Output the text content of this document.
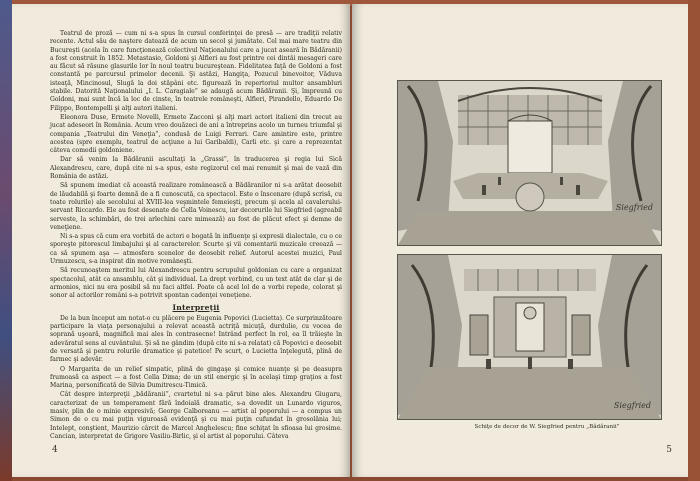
Teatrul de proză — cum ni s-a spus în cursul conferinţei de presă — are tradiţii relativ recente. Actul său de naştere datează de acum un secol şi jumătate. Cel mai mare teatru din Bucureşti (acela în care funcţionează colectivul Naţionalului care a jucat aseară în Bădăranii) a fost construit în 1852. Metastasio, Goldoni şi Alfieri au fost printre cei dintâi mesageri care au făcut să răsune glasurile lor în noul teatru bucureştean. Fidelitatea faţă de Goldoni a fost constantă pe parcursul primelor decenii. Şi astăzi, Hangiţa, Pozucul binevoitor, Văduva isteaţă, Mincinosul, Slugă la doi stăpâni etc. figurează în repertoriul multor ansambluri stabile. Datorită Naţionalului „I. L. Caragiale” se adaugă acum Bădăranii. Şi, împreună cu Goldoni, mai sunt încă la loc de cinste, în teatrele româneşti, Alfieri, Pirandello, Eduardo De Filippo, Bontempelli şi alţi autori italieni.

Eleonora Duse, Ermete Novelli, Ermete Zacconi şi alţi mari actori italieni din trecut au jucat adeseori în România. Acum vreo douăzeci de ani a întreprins acolo un turneu triumfal şi compania „Teatrului din Veneţia”, condusă de Luigi Ferrari. Care amintire este, printre acestea (spre exemplu, teatrul de acţiune a lui Garibaldi), Carli etc. şi care a reprezentat câteva comedii goldoniene.

Dar să venim la Bădăranii ascultaţi la „Grassi”, în traducerea şi regia lui Sică Alexandrescu, care, după cite ni s-a spus, este regizorul cel mai renumit şi mai de vază din România de astăzi.

Să spunem imediat că această realizare românească a Bădăranilor ni s-a arătat deosebit de lăudabilă şi foarte demnă de a fi cunoscută, ca spectacol. Este o înscenare (după scrisă, cu toate rolurile) ale secolului al XVIII-lea veşmintele femeieşti, precum şi acela al cavalerului-servant Riccardo. Ele au fost desenate de Cella Voinescu, iar decorurile lui Siegfried (agreabil serveste, la schimbări, de trei arlechini care mimează) au fost de plăcut efect şi demne de veneţiene.

Ni s-a spus că cum era vorbită de actori e bogată în influenţe şi expresii dialectale, cu o ce sporeşte pitorescul limbajului şi al caracterelor. Scurte şi vii comentarii muzicale creează — ca să spunem aşa — atmosfera scenelor de deosebit relief. Autorul acestei muzici, Paul Urmuzescu, s-a inspirat din motive româneşti.

Să recunoaştem meritul lui Alexandrescu pentru scrupulul goldonian cu care a organizat spectacolul, atât ca ansamblu, cât şi individual. La drept vorbind, cu un text atât de clar şi de armonios, nici nu era posibil să nu faci altfel. Poate că acel lol de a vorbi repede, colorat şi sonor al actorilor români s-a potrivit spontan cadenţei veneţiene.

Interpreţii

De la bun început am notat-o cu plăcere pe Eugenia Popovici (Lucietta). Ce surprinzătoare participare la viaţa personajului a relevat această actriţă micuţă, durdulie, cu vocea de soprană uşoară, magnifică mai ales în contrasecne! Intrând perfect în rol, ea îl trăieşte în adevăratul sens al cuvântului. Şi să ne gândim (după cite ni s-a relatat) că Popovici e deosebit de versată şi pentru rolurile dramatice şi patetice! Pe scurt, o Lucietta înţelegută, plină de farmec şi adevăr.

O Margarita de un relief simpatic, plină de gingaşe şi comice nuanţe şi pe deasupra frumoasă ca aspect — a fost Cella Dima; de un stil energic şi în acelaşi timp graţios a fost Marina, personificată de Silvia Dumitrescu-Timică.

Cât despre interpreţii „bădăranii”, cvartetul ni s-a părut bine ales. Alexandru Giugaru, caracterizat de un temperament fără îndoială dramatic, s-a dovedit un Lunardo viguros, masiv, plin de o minie expresivă; George Calboreanu — artist al poporului — a compus un Simon de o cu mai puţin viguroasă evidenţă şi cu mai puţin cufundat în grosolănia lui; Intelept, conştient, Maurizio cârcit de Marcel Anghelescu; fine schiţat în sfioasa lui grosime. Cancian, interpretat de Grigore Vasiliu-Birlic, şi el artist al poporului. Câteva

4
Siegfried
Siegfried
Schiţe de decor de W. Siegfried pentru „Bădăranii”
5
